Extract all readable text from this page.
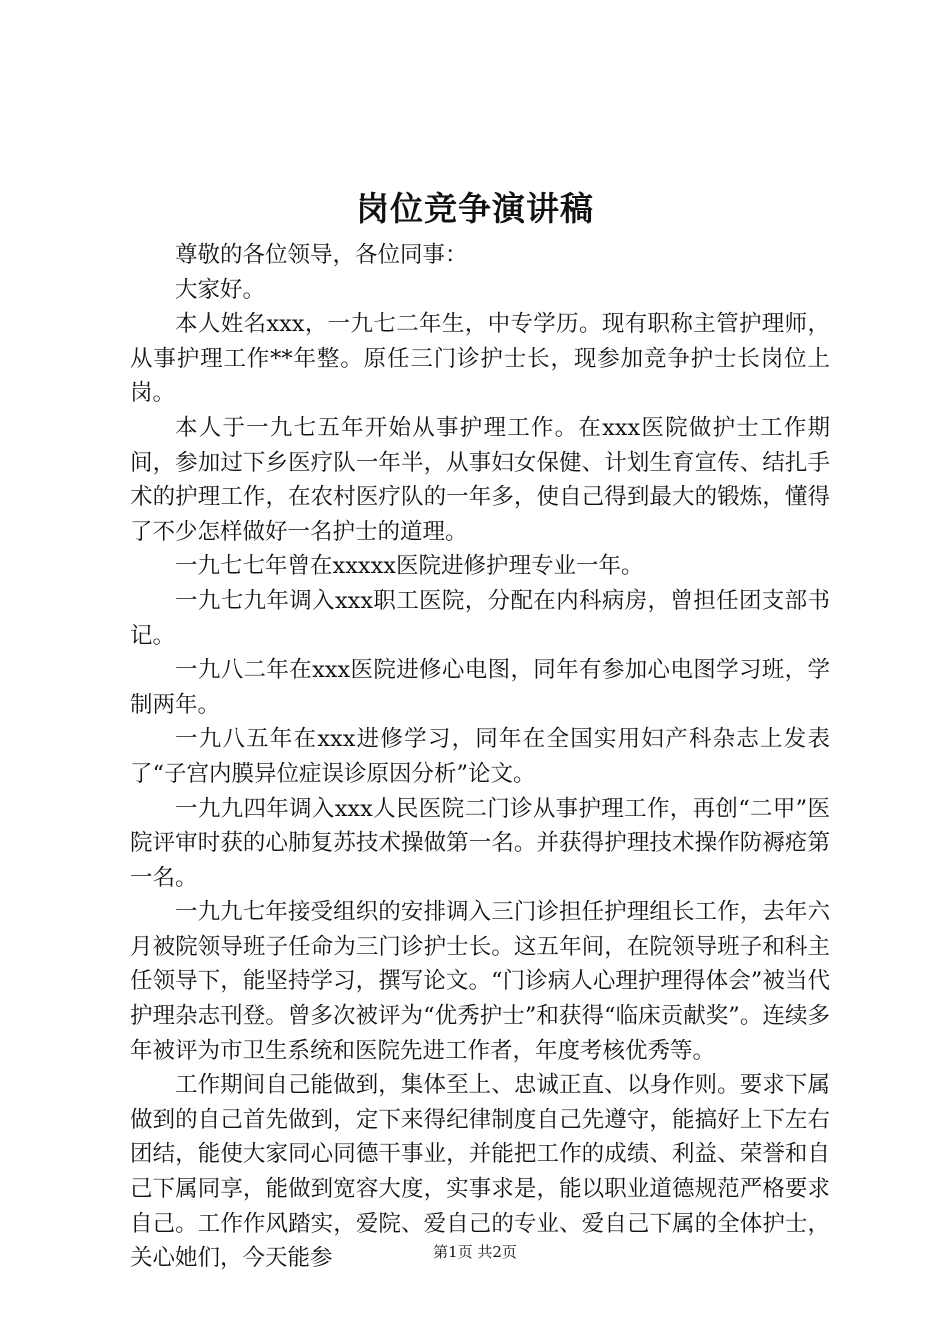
岗位竞争演讲稿

尊敬的各位领导，各位同事：

大家好。

本人姓名xxx，一九七二年生，中专学历。现有职称主管护理师，从事护理工作**年整。原任三门诊护士长，现参加竞争护士长岗位上岗。

本人于一九七五年开始从事护理工作。在xxx医院做护士工作期间，参加过下乡医疗队一年半，从事妇女保健、计划生育宣传、结扎手术的护理工作，在农村医疗队的一年多，使自己得到最大的锻炼，懂得了不少怎样做好一名护士的道理。

一九七七年曾在xxxxx医院进修护理专业一年。

一九七九年调入xxx职工医院，分配在内科病房，曾担任团支部书记。

一九八二年在xxx医院进修心电图，同年有参加心电图学习班，学制两年。

一九八五年在xxx进修学习，同年在全国实用妇产科杂志上发表了“子宫内膜异位症误诊原因分析”论文。

一九九四年调入xxx人民医院二门诊从事护理工作，再创“二甲”医院评审时获的心肺复苏技术操做第一名。并获得护理技术操作防褥疮第一名。

一九九七年接受组织的安排调入三门诊担任护理组长工作，去年六月被院领导班子任命为三门诊护士长。这五年间，在院领导班子和科主任领导下，能坚持学习，撰写论文。“门诊病人心理护理得体会”被当代护理杂志刊登。曾多次被评为“优秀护士”和获得“临床贡献奖”。连续多年被评为市卫生系统和医院先进工作者，年度考核优秀等。

工作期间自己能做到，集体至上、忠诚正直、以身作则。要求下属做到的自己首先做到，定下来得纪律制度自己先遵守，能搞好上下左右团结，能使大家同心同德干事业，并能把工作的成绩、利益、荣誉和自己下属同享，能做到宽容大度，实事求是，能以职业道德规范严格要求自己。工作作风踏实，爱院、爱自己的专业、爱自己下属的全体护士，关心她们，今天能参	第1页 共2页
